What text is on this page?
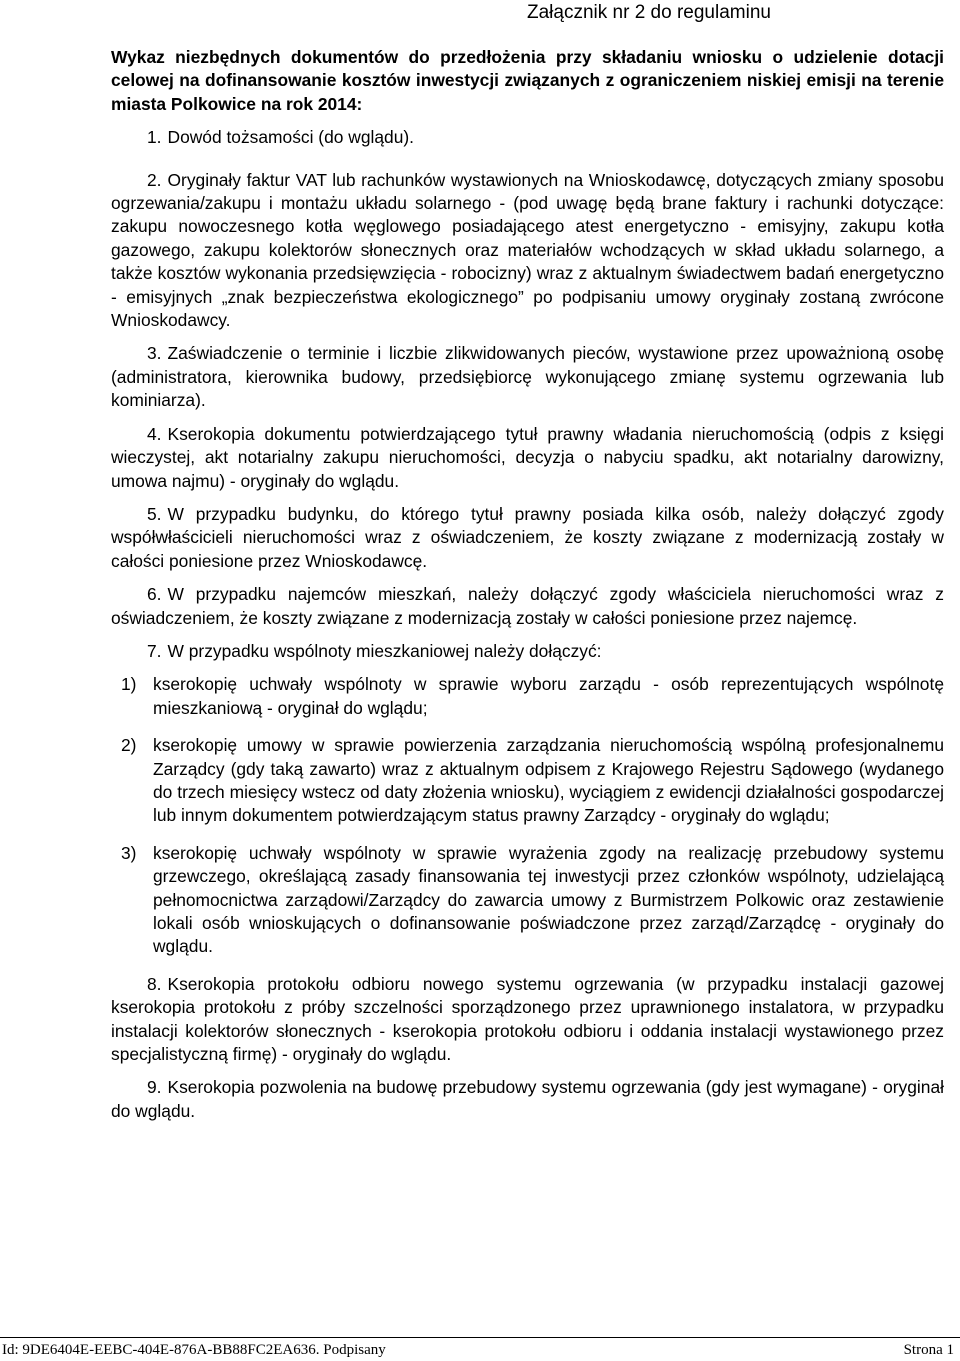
Załącznik nr 2 do regulaminu
Wykaz niezbędnych dokumentów do przedłożenia przy składaniu wniosku o udzielenie dotacji celowej na dofinansowanie kosztów inwestycji związanych z ograniczeniem niskiej emisji na terenie miasta Polkowice na rok 2014:
1. Dowód tożsamości (do wglądu).
2. Oryginały faktur VAT lub rachunków wystawionych na Wnioskodawcę, dotyczących zmiany sposobu ogrzewania/zakupu i montażu układu solarnego - (pod uwagę będą brane faktury i rachunki dotyczące: zakupu nowoczesnego kotła węglowego posiadającego atest energetyczno - emisyjny, zakupu kotła gazowego, zakupu kolektorów słonecznych oraz materiałów wchodzących w skład układu solarnego, a także kosztów wykonania przedsięwzięcia - robocizny) wraz z aktualnym świadectwem badań energetyczno - emisyjnych „znak bezpieczeństwa ekologicznego” po podpisaniu umowy oryginały zostaną zwrócone Wnioskodawcy.
3. Zaświadczenie o terminie i liczbie zlikwidowanych pieców, wystawione przez upoważnioną osobę (administratora, kierownika budowy, przedsiębiorcę wykonującego zmianę systemu ogrzewania lub kominiarza).
4. Kserokopia dokumentu potwierdzającego tytuł prawny władania nieruchomością (odpis z księgi wieczystej, akt notarialny zakupu nieruchomości, decyzja o nabyciu spadku, akt notarialny darowizny, umowa najmu) - oryginały do wglądu.
5. W przypadku budynku, do którego tytuł prawny posiada kilka osób, należy dołączyć zgody współwłaścicieli nieruchomości wraz z oświadczeniem, że koszty związane z modernizacją zostały w całości poniesione przez Wnioskodawcę.
6. W przypadku najemców mieszkań, należy dołączyć zgody właściciela nieruchomości wraz z oświadczeniem, że koszty związane z modernizacją zostały w całości poniesione przez najemcę.
7. W przypadku wspólnoty mieszkaniowej należy dołączyć:
1) kserokopię uchwały wspólnoty w sprawie wyboru zarządu - osób reprezentujących wspólnotę mieszkaniową - oryginał do wglądu;
2) kserokopię umowy w sprawie powierzenia zarządzania nieruchomością wspólną profesjonalnemu Zarządcy (gdy taką zawarto) wraz z aktualnym odpisem z Krajowego Rejestru Sądowego (wydanego do trzech miesięcy wstecz od daty złożenia wniosku), wyciągiem z ewidencji działalności gospodarczej lub innym dokumentem potwierdzającym status prawny Zarządcy - oryginały do wglądu;
3) kserokopię uchwały wspólnoty w sprawie wyrażenia zgody na realizację przebudowy systemu grzewczego, określającą zasady finansowania tej inwestycji przez członków wspólnoty, udzielającą pełnomocnictwa zarządowi/Zarządcy do zawarcia umowy z Burmistrzem Polkowic oraz zestawienie lokali osób wnioskujących o dofinansowanie poświadczone przez zarząd/Zarządcę - oryginały do wglądu.
8. Kserokopia protokołu odbioru nowego systemu ogrzewania (w przypadku instalacji gazowej kserokopia protokołu z próby szczelności sporządzonego przez uprawnionego instalatora, w przypadku instalacji kolektorów słonecznych - kserokopia protokołu odbioru i oddania instalacji wystawionego przez specjalistyczną firmę) - oryginały do wglądu.
9. Kserokopia pozwolenia na budowę przebudowy systemu ogrzewania (gdy jest wymagane) - oryginał do wglądu.
Id: 9DE6404E-EEBC-404E-876A-BB88FC2EA636. Podpisany	Strona 1
